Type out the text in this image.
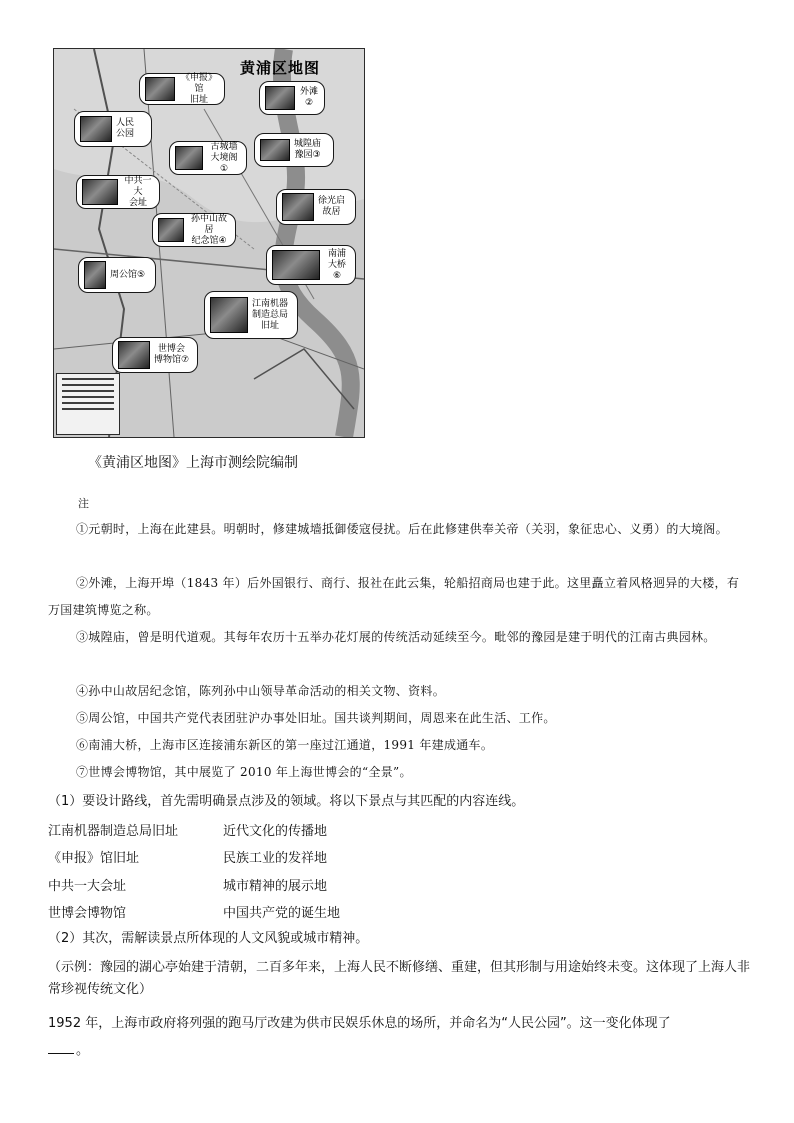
黄浦区地图
《申报》馆
旧址
外滩②
人民
公园
古城墙
大境阁①
城隍庙
豫园③
中共一大
会址	徐光启
故居
孙中山故居
纪念馆④
南浦
大桥⑥
周公馆⑤
江南机器
制造总局
旧址
世博会
博物馆⑦
《黄浦区地图》上海市测绘院编制
注
①元朝时，上海在此建县。明朝时，修建城墙抵御倭寇侵扰。后在此修建供奉关帝（关羽，象征忠心、义勇）的大境阁。
②外滩，上海开埠（1843 年）后外国银行、商行、报社在此云集，轮船招商局也建于此。这里矗立着风格迥异的大楼，有万国建筑博览之称。
③城隍庙，曾是明代道观。其每年农历十五举办花灯展的传统活动延续至今。毗邻的豫园是建于明代的江南古典园林。
④孙中山故居纪念馆，陈列孙中山领导革命活动的相关文物、资料。
⑤周公馆，中国共产党代表团驻沪办事处旧址。国共谈判期间，周恩来在此生活、工作。
⑥南浦大桥，上海市区连接浦东新区的第一座过江通道，1991 年建成通车。
⑦世博会博物馆，其中展览了 2010 年上海世博会的“全景”。
（1）要设计路线，首先需明确景点涉及的领域。将以下景点与其匹配的内容连线。
江南机器制造总局旧址	近代文化的传播地
《申报》馆旧址	民族工业的发祥地
中共一大会址	城市精神的展示地
世博会博物馆	中国共产党的诞生地
（2）其次，需解读景点所体现的人文风貌或城市精神。
（示例：豫园的湖心亭始建于清朝，二百多年来，上海人民不断修缮、重建，但其形制与用途始终未变。这体现了上海人非常珍视传统文化）
1952 年，上海市政府将列强的跑马厅改建为供市民娱乐休息的场所，并命名为“人民公园”。这一变化体现了
。
